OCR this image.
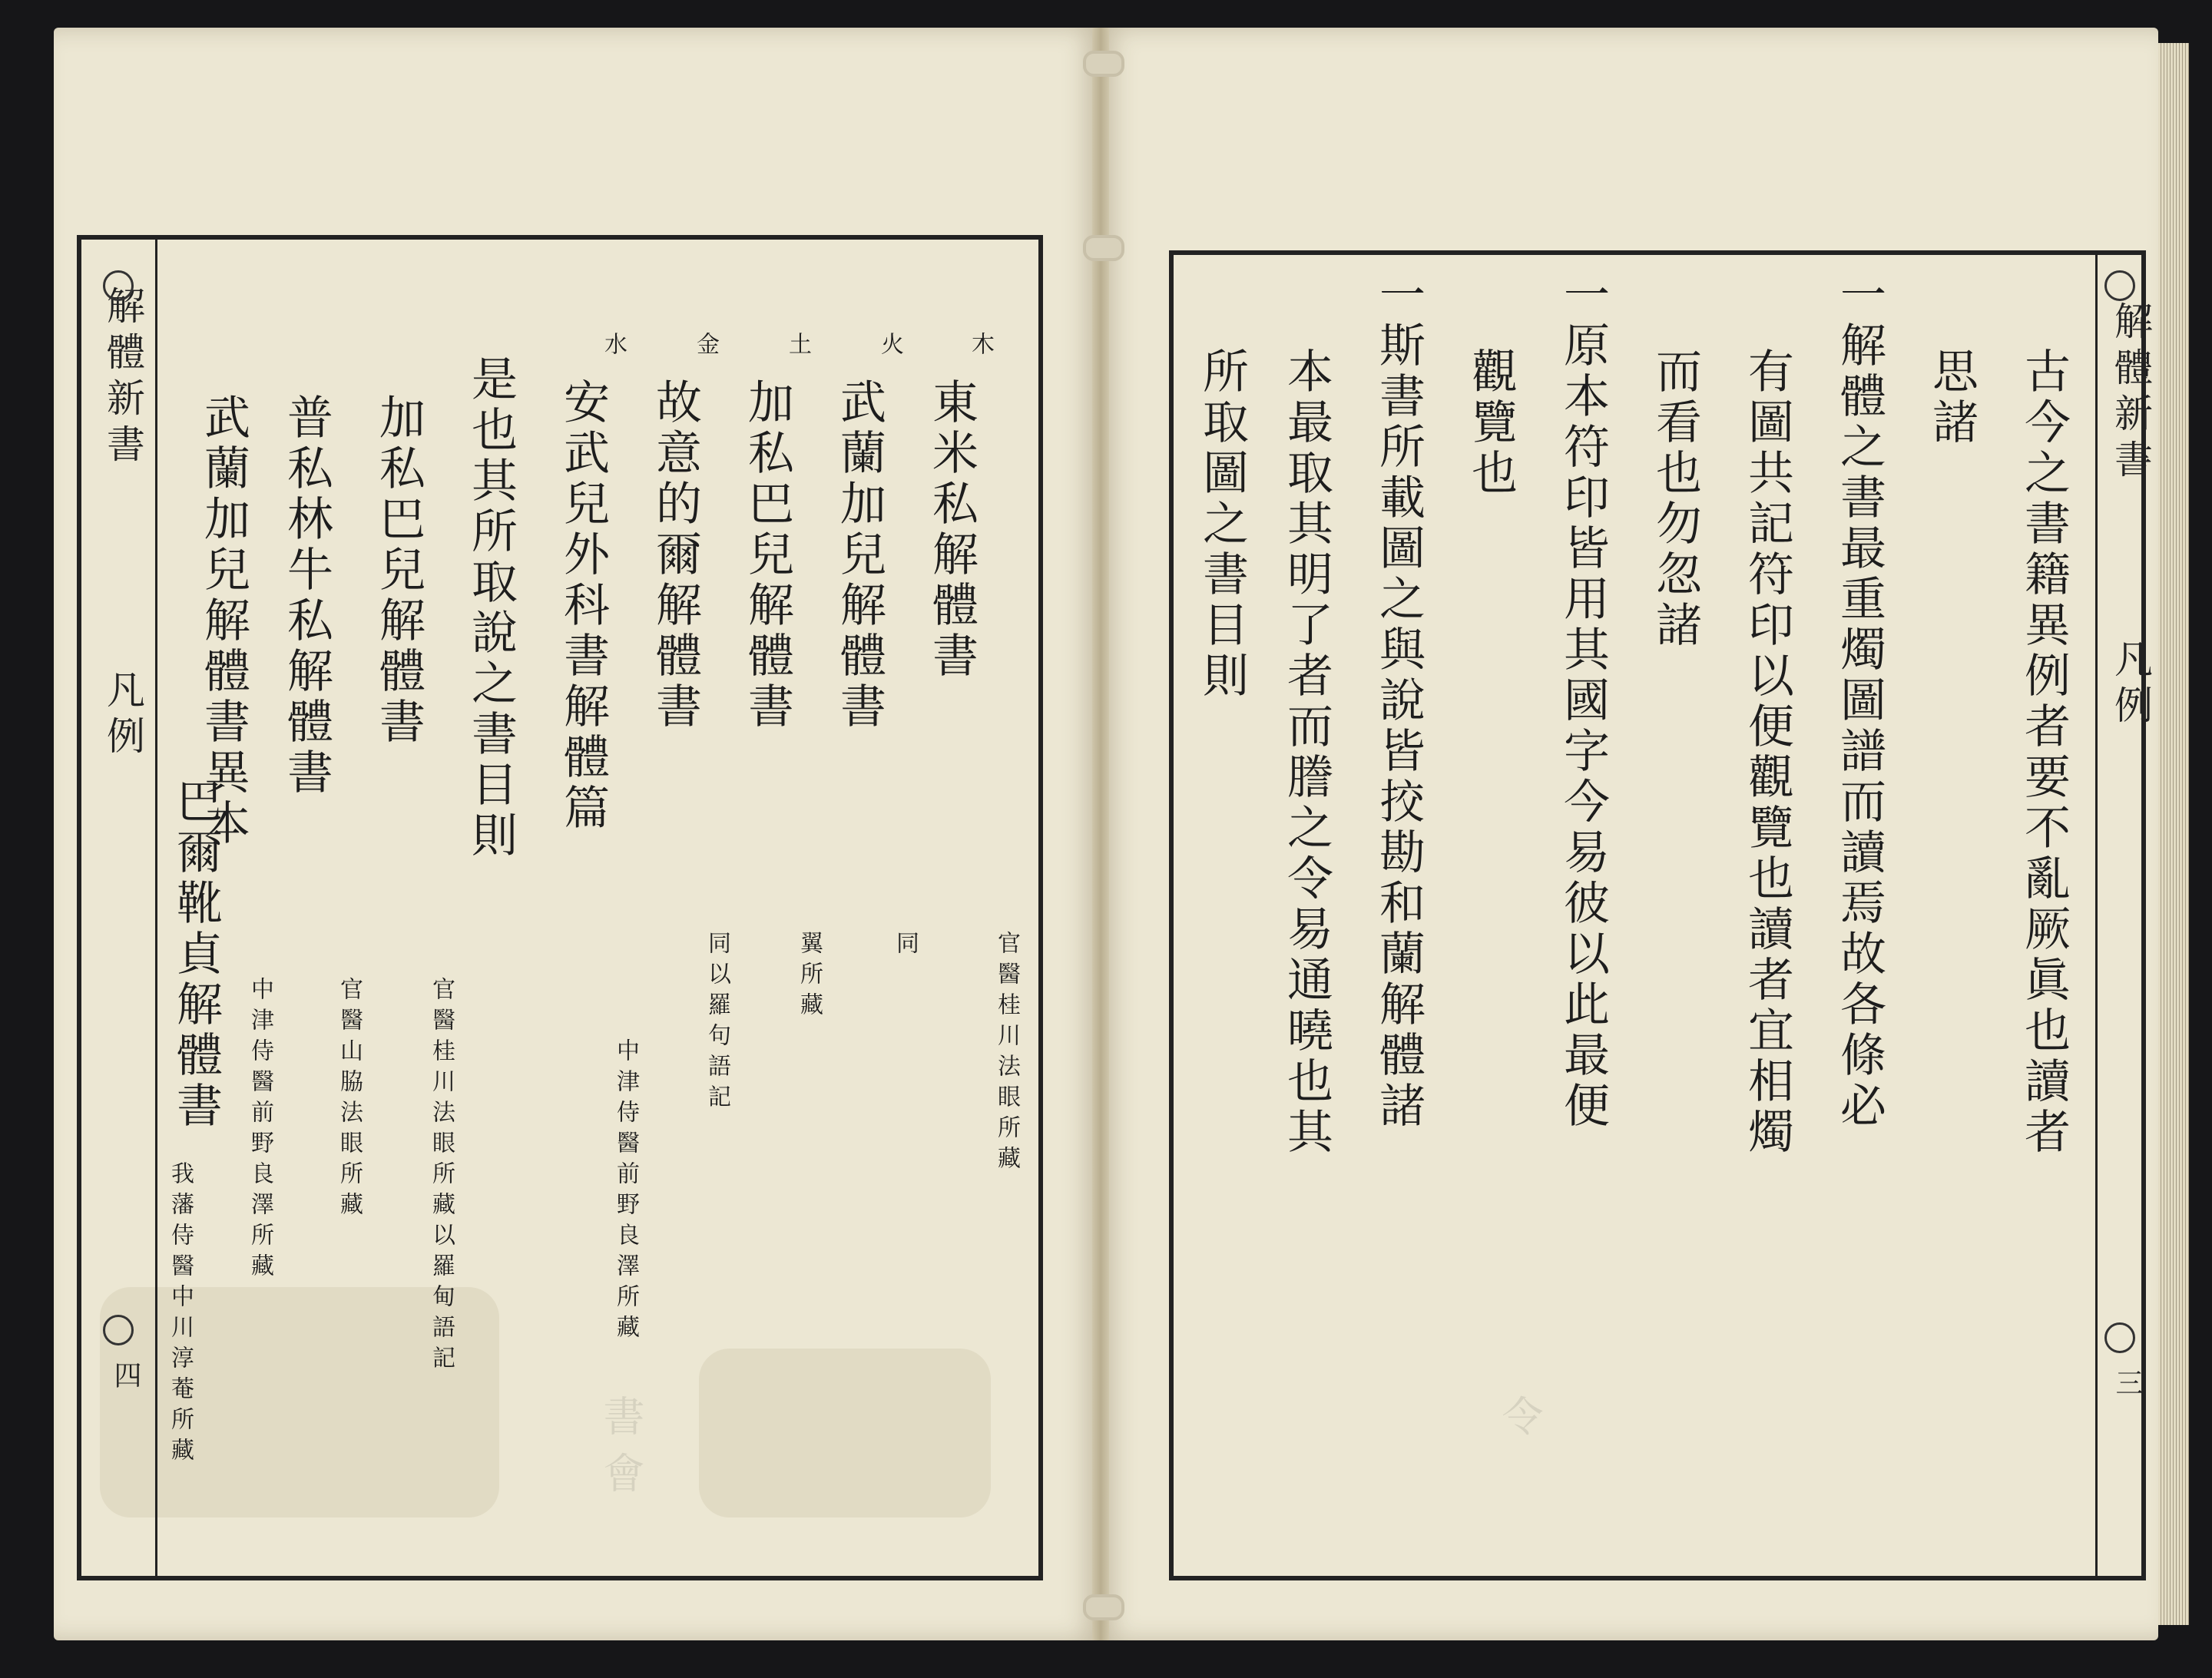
書會	令
解體新書
凡例
四
木
東米私解體書
官醫桂川法眼所藏
火
武蘭加兒解體書
同
土
加私巴兒解體書
翼所藏
金
故意的爾解體書
同以羅句語記
水
安武兒外科書解體篇
中津侍醫前野良澤所藏
是也其所取說之書目則
加私巴兒解體書
官醫桂川法眼所藏以羅甸語記
普私林牛私解體書
官醫山脇法眼所藏
武蘭加兒解體書異本
中津侍醫前野良澤所藏
巴爾靴貞解體書
我藩侍醫中川淳菴所藏
解體新書
凡例
三
古今之書籍異例者要不亂厥眞也讀者
思諸
一解體之書最重燭圖譜而讀焉故各條必
有圖共記符印以便觀覽也讀者宜相燭
而看也勿忽諸
一原本符印皆用其國字今易彼以此最便
觀覽也
一斯書所載圖之與說皆挍勘和蘭解體諸
本最取其明了者而謄之令易通曉也其
所取圖之書目則
